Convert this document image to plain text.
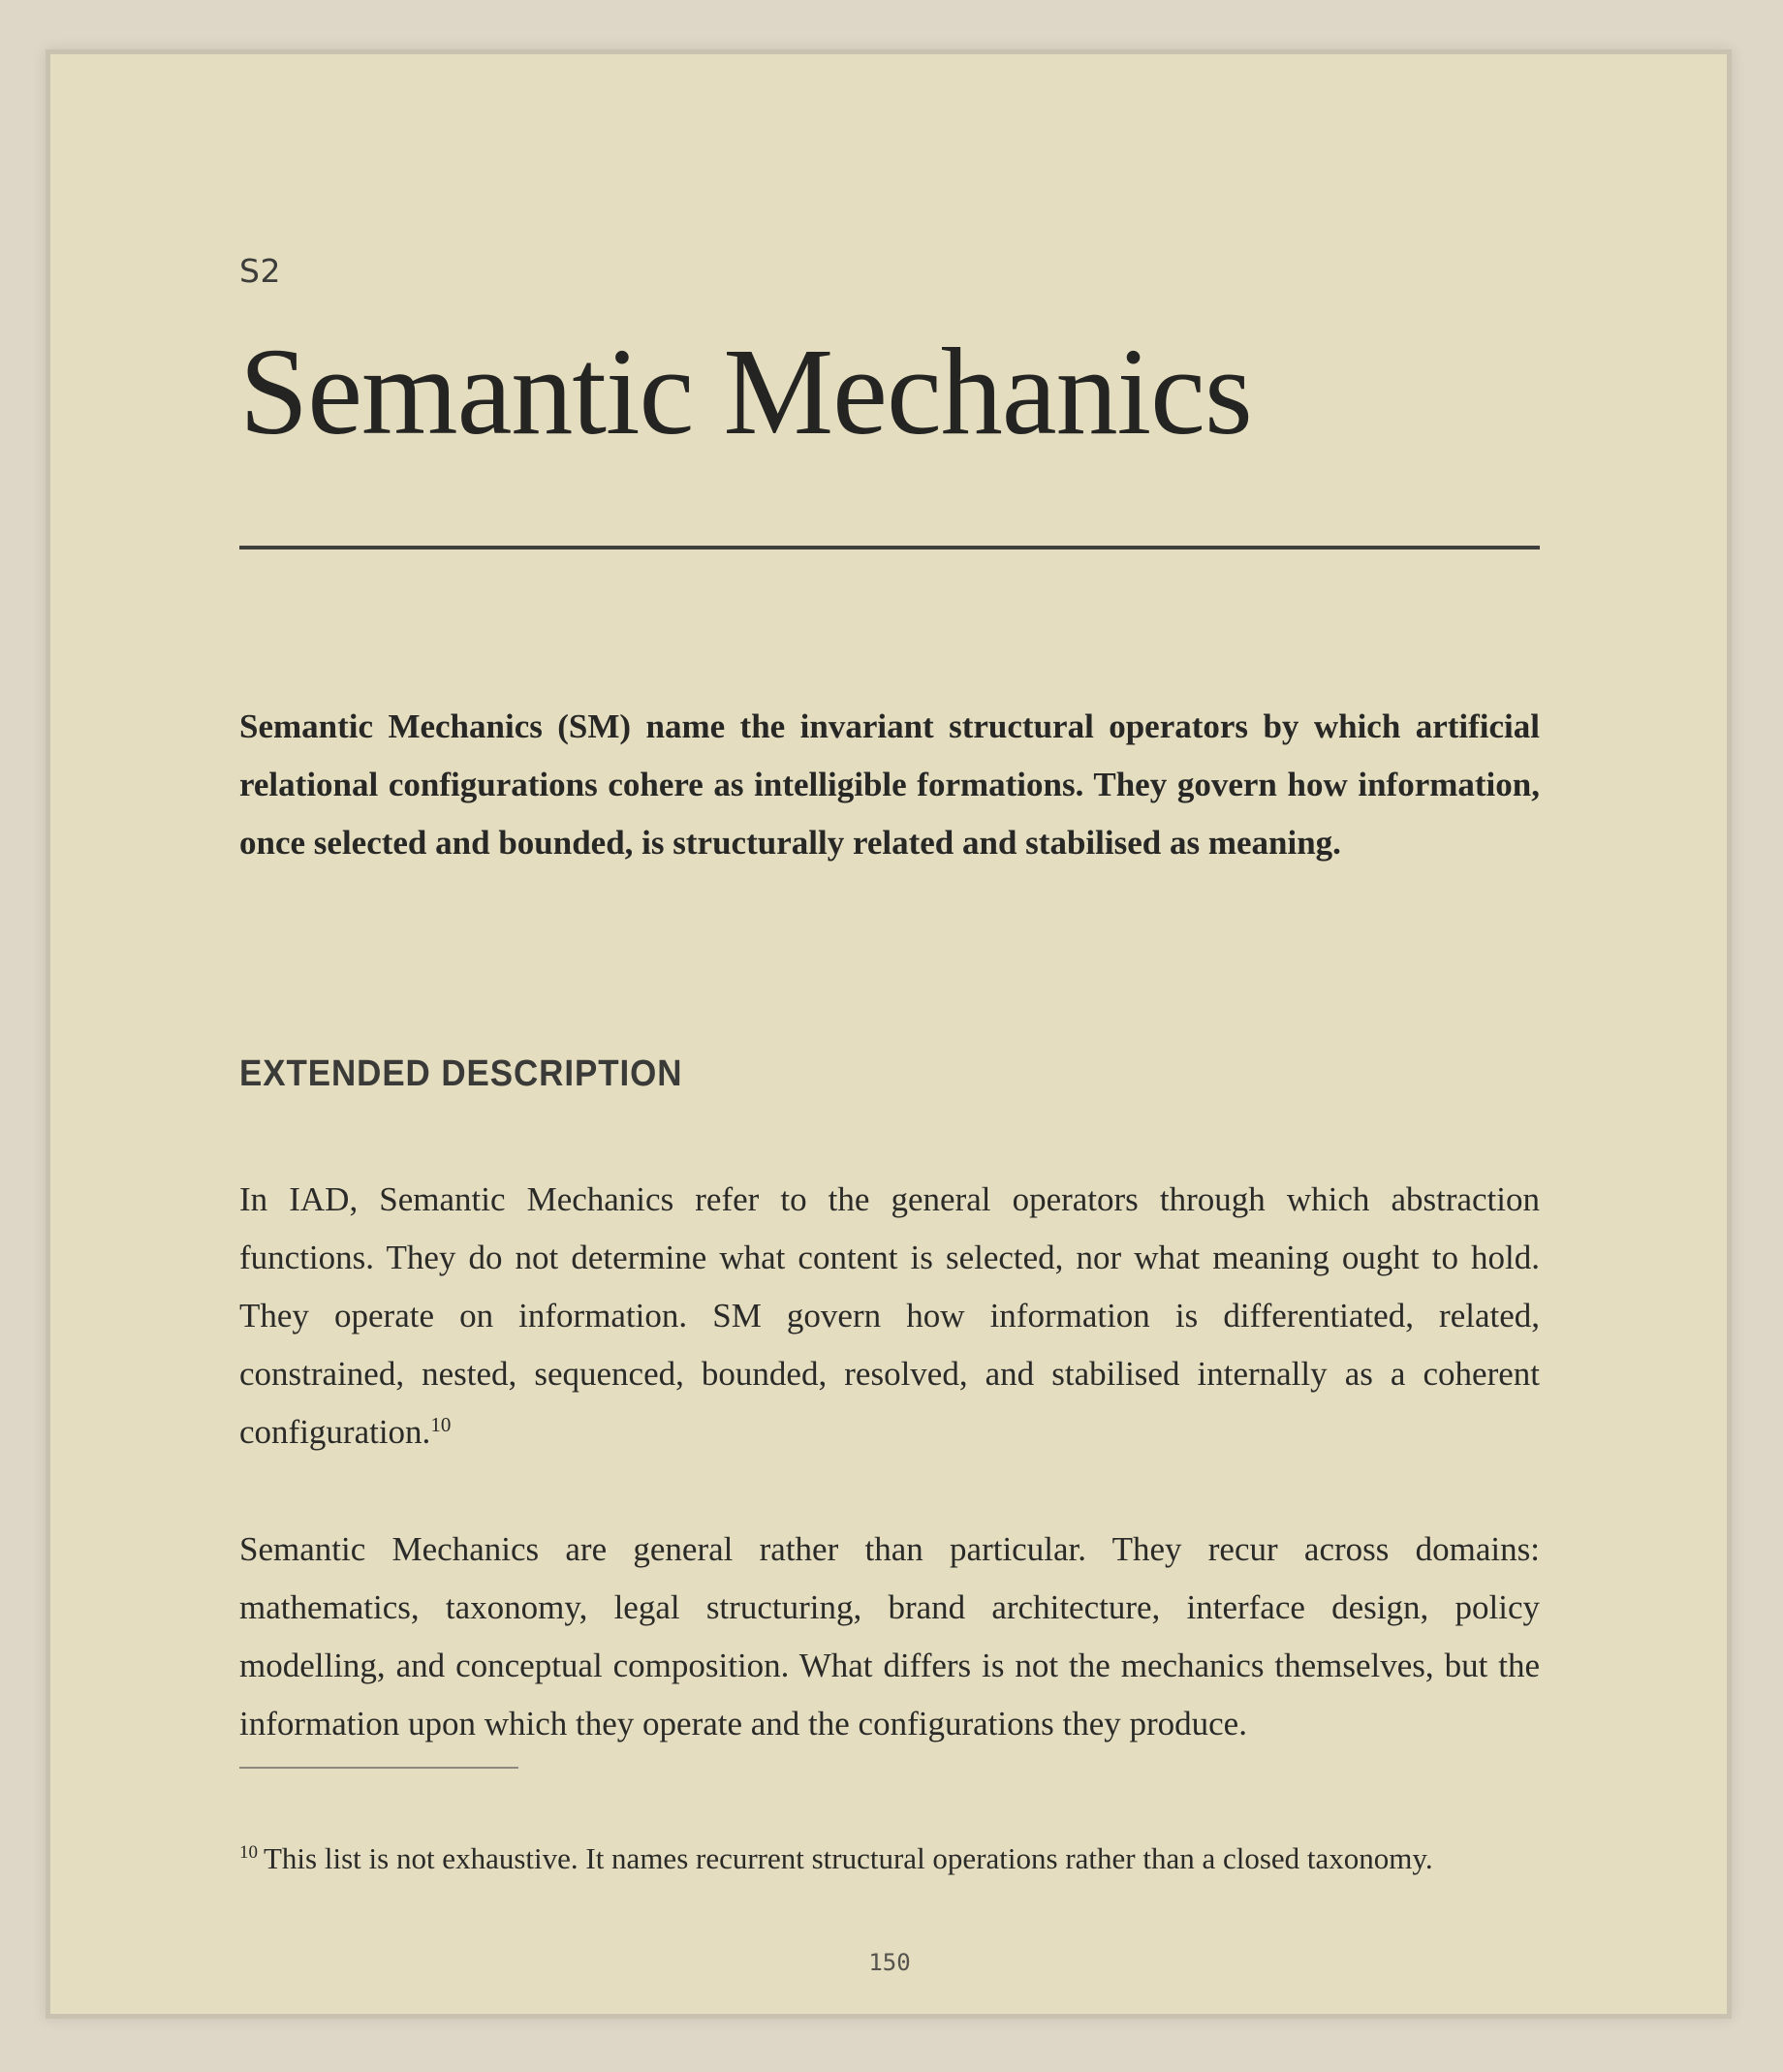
S2
Semantic Mechanics

Semantic Mechanics (SM) name the invariant structural operators by which artificial relational configurations cohere as intelligible formations. They govern how information, once selected and bounded, is structurally related and stabilised as meaning.

EXTENDED DESCRIPTION

In IAD, Semantic Mechanics refer to the general operators through which abstraction functions. They do not determine what content is selected, nor what meaning ought to hold. They operate on information. SM govern how information is differentiated, related, constrained, nested, sequenced, bounded, resolved, and stabilised internally as a coherent configuration.$^{10}$

Semantic Mechanics are general rather than particular. They recur across domains: mathematics, taxonomy, legal structuring, brand architecture, interface design, policy modelling, and conceptual composition. What differs is not the mechanics themselves, but the information upon which they operate and the configurations they produce.

$^{10}$ This list is not exhaustive. It names recurrent structural operations rather than a closed taxonomy.

150
